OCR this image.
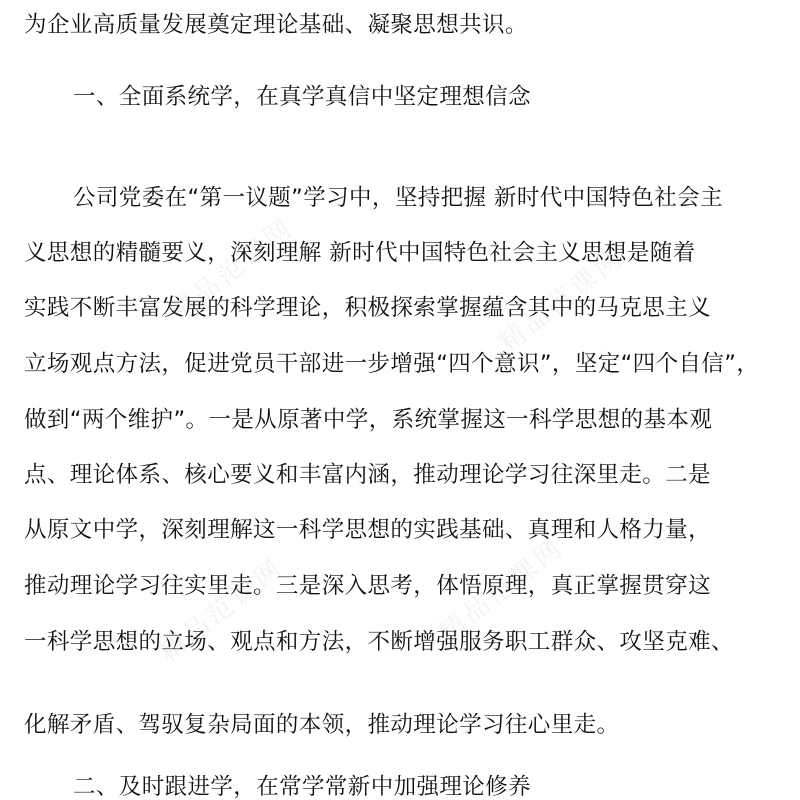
精品范课网	精品范课网
精品范课网	精品范课网
为企业高质量发展奠定理论基础、凝聚思想共识。
一、全面系统学，在真学真信中坚定理想信念
公司党委在“第一议题”学习中，坚持把握 新时代中国特色社会主
义思想的精髓要义，深刻理解 新时代中国特色社会主义思想是随着
实践不断丰富发展的科学理论，积极探索掌握蕴含其中的马克思主义
立场观点方法，促进党员干部进一步增强“四个意识”，坚定“四个自信”，
做到“两个维护”。一是从原著中学，系统掌握这一科学思想的基本观
点、理论体系、核心要义和丰富内涵，推动理论学习往深里走。二是
从原文中学，深刻理解这一科学思想的实践基础、真理和人格力量，
推动理论学习往实里走。三是深入思考，体悟原理，真正掌握贯穿这
一科学思想的立场、观点和方法，不断增强服务职工群众、攻坚克难、
化解矛盾、驾驭复杂局面的本领，推动理论学习往心里走。
二、及时跟进学，在常学常新中加强理论修养
